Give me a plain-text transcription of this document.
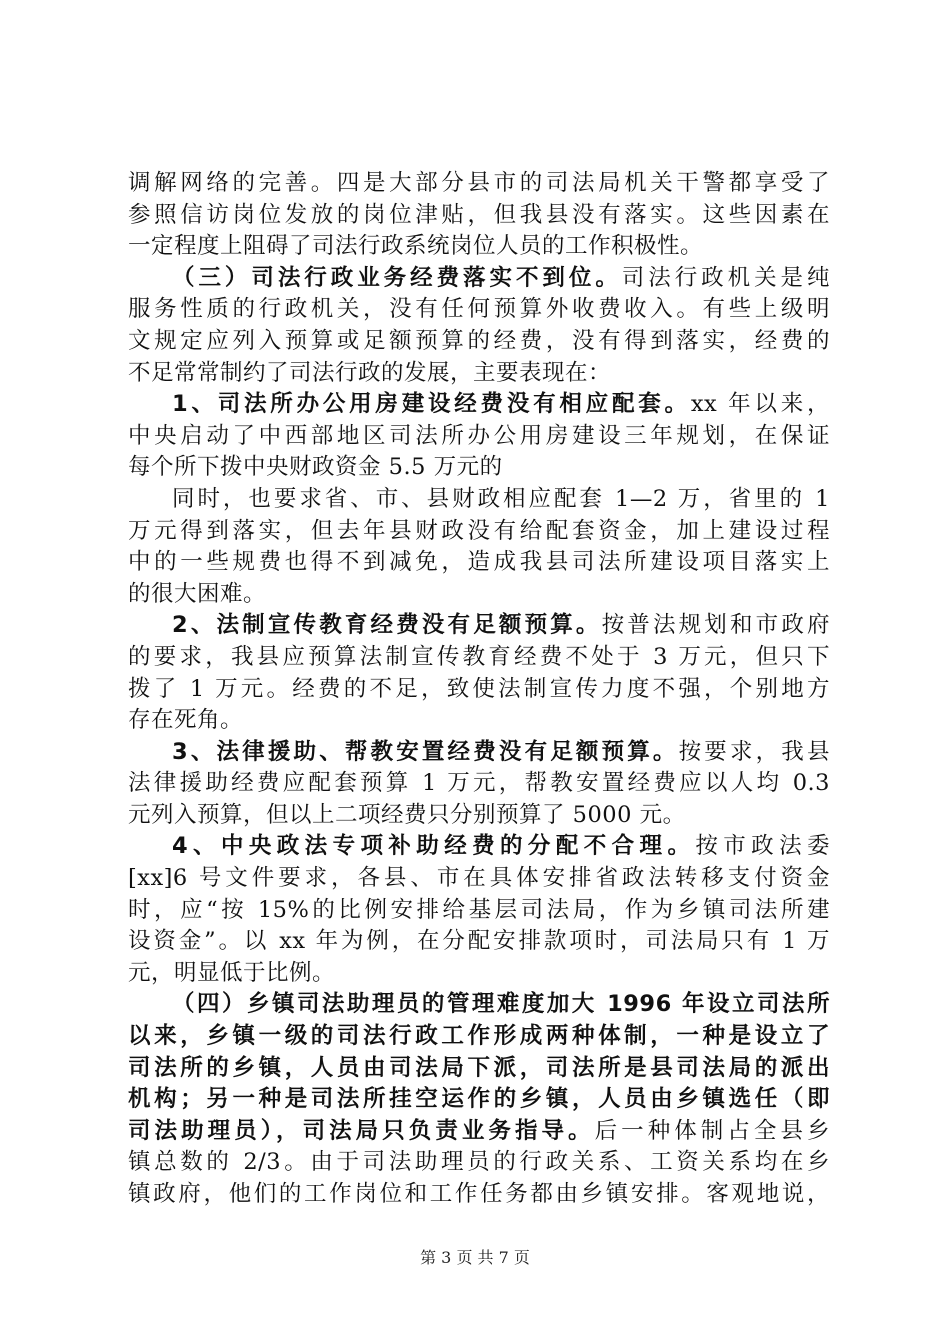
调解网络的完善。四是大部分县市的司法局机关干警都享受了
参照信访岗位发放的岗位津贴，但我县没有落实。这些因素在
一定程度上阻碍了司法行政系统岗位人员的工作积极性。
（三）司法行政业务经费落实不到位。司法行政机关是纯
服务性质的行政机关，没有任何预算外收费收入。有些上级明
文规定应列入预算或足额预算的经费，没有得到落实，经费的
不足常常制约了司法行政的发展，主要表现在：
1、司法所办公用房建设经费没有相应配套。xx 年以来，
中央启动了中西部地区司法所办公用房建设三年规划，在保证
每个所下拨中央财政资金 5.5 万元的
同时，也要求省、市、县财政相应配套 1—2 万，省里的 1
万元得到落实，但去年县财政没有给配套资金，加上建设过程
中的一些规费也得不到减免，造成我县司法所建设项目落实上
的很大困难。
2、法制宣传教育经费没有足额预算。按普法规划和市政府
的要求，我县应预算法制宣传教育经费不处于 3 万元，但只下
拨了 1 万元。经费的不足，致使法制宣传力度不强，个别地方
存在死角。
3、法律援助、帮教安置经费没有足额预算。按要求，我县
法律援助经费应配套预算 1 万元，帮教安置经费应以人均 0.3
元列入预算，但以上二项经费只分别预算了 5000 元。
4、中央政法专项补助经费的分配不合理。按市政法委
[xx]6 号文件要求，各县、市在具体安排省政法转移支付资金
时，应“按 15%的比例安排给基层司法局，作为乡镇司法所建
设资金”。以 xx 年为例，在分配安排款项时，司法局只有 1 万
元，明显低于比例。
（四）乡镇司法助理员的管理难度加大 1996 年设立司法所
以来，乡镇一级的司法行政工作形成两种体制，一种是设立了
司法所的乡镇，人员由司法局下派，司法所是县司法局的派出
机构；另一种是司法所挂空运作的乡镇，人员由乡镇选任（即
司法助理员），司法局只负责业务指导。后一种体制占全县乡
镇总数的 2/3。由于司法助理员的行政关系、工资关系均在乡
镇政府，他们的工作岗位和工作任务都由乡镇安排。客观地说，
第 3 页 共 7 页
